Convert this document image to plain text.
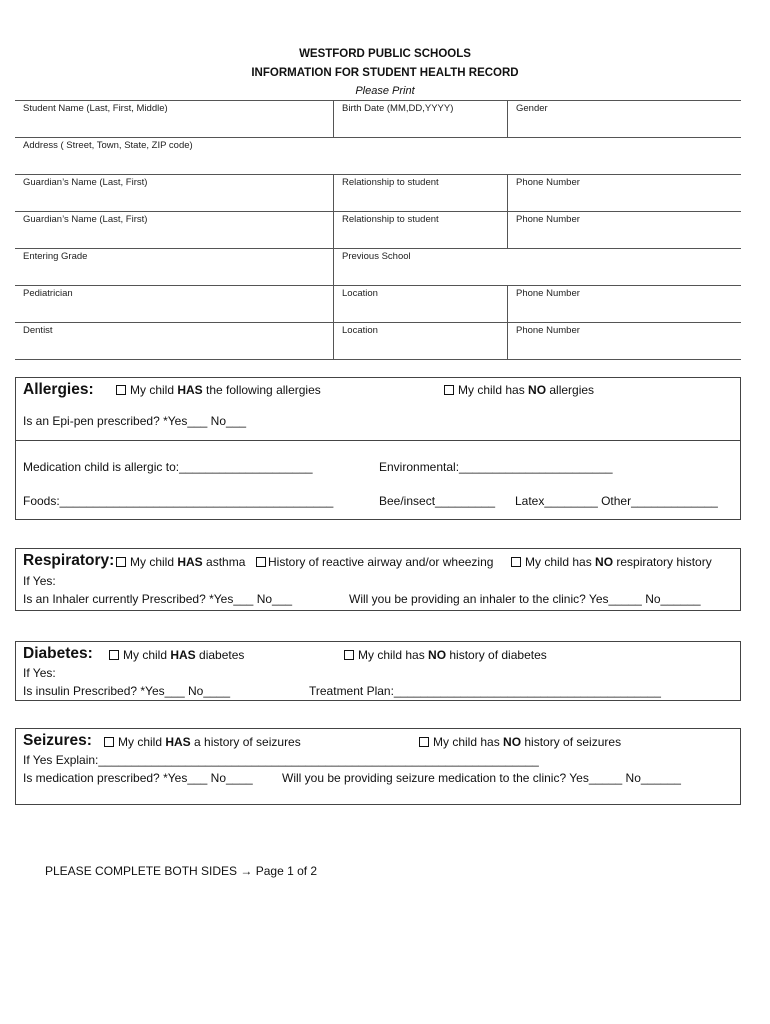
WESTFORD PUBLIC SCHOOLS
INFORMATION FOR STUDENT HEALTH RECORD
Please Print
Student Name (Last, First, Middle)	Birth Date (MM,DD,YYYY)	Gender
Address ( Street, Town, State, ZIP code)
Guardian’s Name (Last, First)	Relationship to student	Phone Number
Guardian’s Name (Last, First)	Relationship to student	Phone Number
Entering Grade	Previous School
Pediatrician	Location	Phone Number
Dentist	Location	Phone Number
Allergies:	My child HAS the following allergies	My child has NO allergies
Is an Epi-pen prescribed? *Yes___ No___
Medication child is allergic to:____________________	Environmental:_______________________
Foods:_________________________________________	Bee/insect_________ Latex________ Other_____________
Respiratory:	My child HAS asthma	History of reactive airway and/or wheezing	My child has NO respiratory history
If Yes:
Is an Inhaler currently Prescribed? *Yes___ No___	Will you be providing an inhaler to the clinic? Yes_____ No______
Diabetes:	My child HAS diabetes	My child has NO history of diabetes
If Yes:
Is insulin Prescribed? *Yes___ No____	Treatment Plan:________________________________________
Seizures:	My child HAS a history of seizures	My child has NO history of seizures
If Yes Explain:__________________________________________________________________
Is medication prescribed? *Yes___ No____ Will you be providing seizure medication to the clinic? Yes_____ No______
PLEASE COMPLETE BOTH SIDES → Page 1 of 2
